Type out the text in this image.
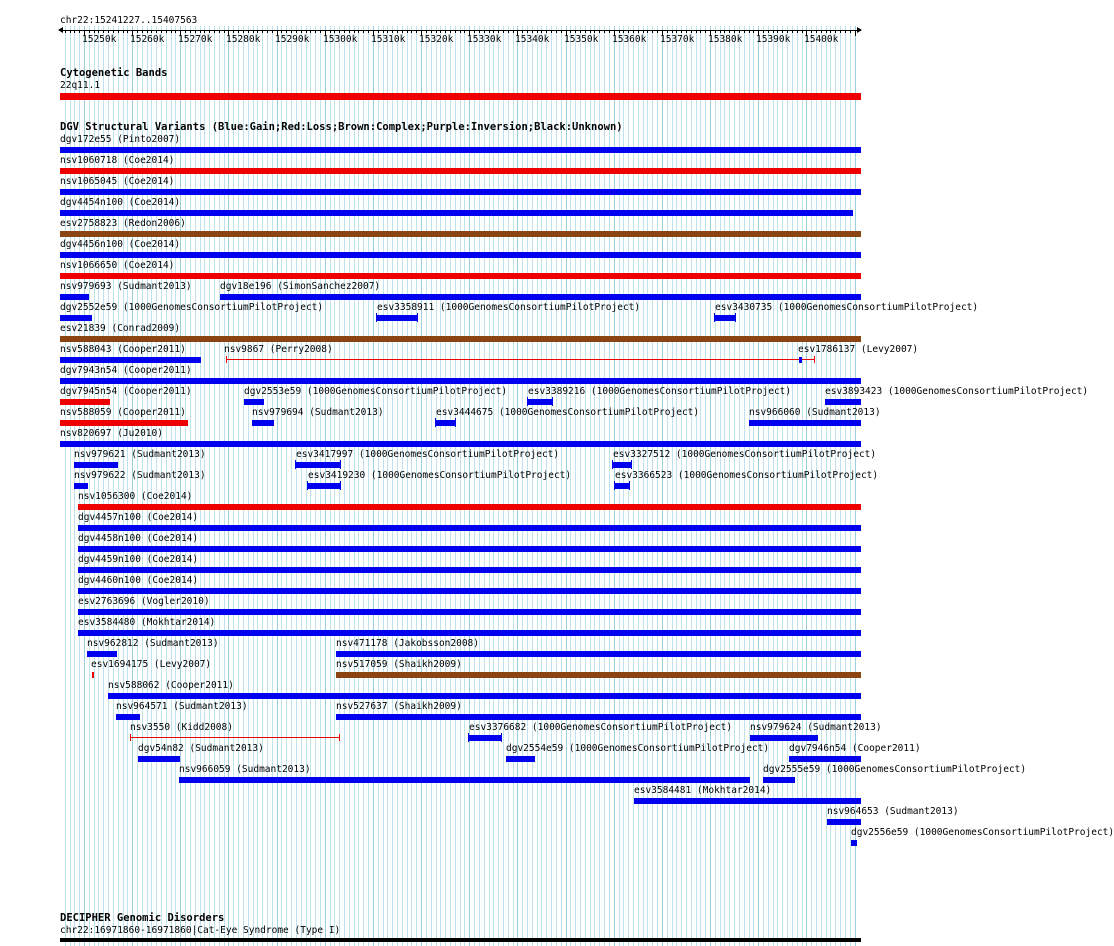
chr22:15241227..15407563
15250k 15260k 15270k 15280k 15290k 15300k 15310k 15320k 15330k 15340k 15350k 15360k 15370k 15380k 15390k 15400k
Cytogenetic Bands
22q11.1
DGV Structural Variants (Blue:Gain;Red:Loss;Brown:Complex;Purple:Inversion;Black:Unknown)
dgv172e55 (Pinto2007)
nsv1060718 (Coe2014)
nsv1065045 (Coe2014)
dgv4454n100 (Coe2014)
esv2758823 (Redon2006)
dgv4456n100 (Coe2014)
nsv1066650 (Coe2014)
nsv979693 (Sudmant2013)	dgv18e196 (SimonSanchez2007)
dgv2552e59 (1000GenomesConsortiumPilotProject)	esv3358911 (1000GenomesConsortiumPilotProject)	esv3430735 (1000GenomesConsortiumPilotProject)
esv21839 (Conrad2009)
nsv588043 (Cooper2011)	nsv9867 (Perry2008)	esv1786137 (Levy2007)
dgv7943n54 (Cooper2011)
dgv7945n54 (Cooper2011)	dgv2553e59 (1000GenomesConsortiumPilotProject) esv3389216 (1000GenomesConsortiumPilotProject)	esv3893423 (1000GenomesConsortiumPilotProject)
nsv588059 (Cooper2011)	nsv979694 (Sudmant2013)	esv3444675 (1000GenomesConsortiumPilotProject)	nsv966060 (Sudmant2013)
nsv820697 (Ju2010)
nsv979621 (Sudmant2013)	esv3417997 (1000GenomesConsortiumPilotProject)	esv3327512 (1000GenomesConsortiumPilotProject)
nsv979622 (Sudmant2013)	esv3419230 (1000GenomesConsortiumPilotProject)	esv3366523 (1000GenomesConsortiumPilotProject)
nsv1056300 (Coe2014)
dgv4457n100 (Coe2014)
dgv4458n100 (Coe2014)
dgv4459n100 (Coe2014)
dgv4460n100 (Coe2014)
esv2763696 (Vogler2010)
esv3584480 (Mokhtar2014)
nsv962812 (Sudmant2013)	nsv471178 (Jakobsson2008)
esv1694175 (Levy2007)	nsv517059 (Shaikh2009)
nsv588062 (Cooper2011)
nsv964571 (Sudmant2013)	nsv527637 (Shaikh2009)
nsv3550 (Kidd2008)	esv3376682 (1000GenomesConsortiumPilotProject) nsv979624 (Sudmant2013)
dgv54n82 (Sudmant2013)	dgv2554e59 (1000GenomesConsortiumPilotProject) dgv7946n54 (Cooper2011)
nsv966059 (Sudmant2013)	dgv2555e59 (1000GenomesConsortiumPilotProject)
esv3584481 (Mokhtar2014)
nsv964653 (Sudmant2013)
dgv2556e59 (1000GenomesConsortiumPilotProject)
DECIPHER Genomic Disorders
chr22:16971860-16971860|Cat-Eye Syndrome (Type I)
